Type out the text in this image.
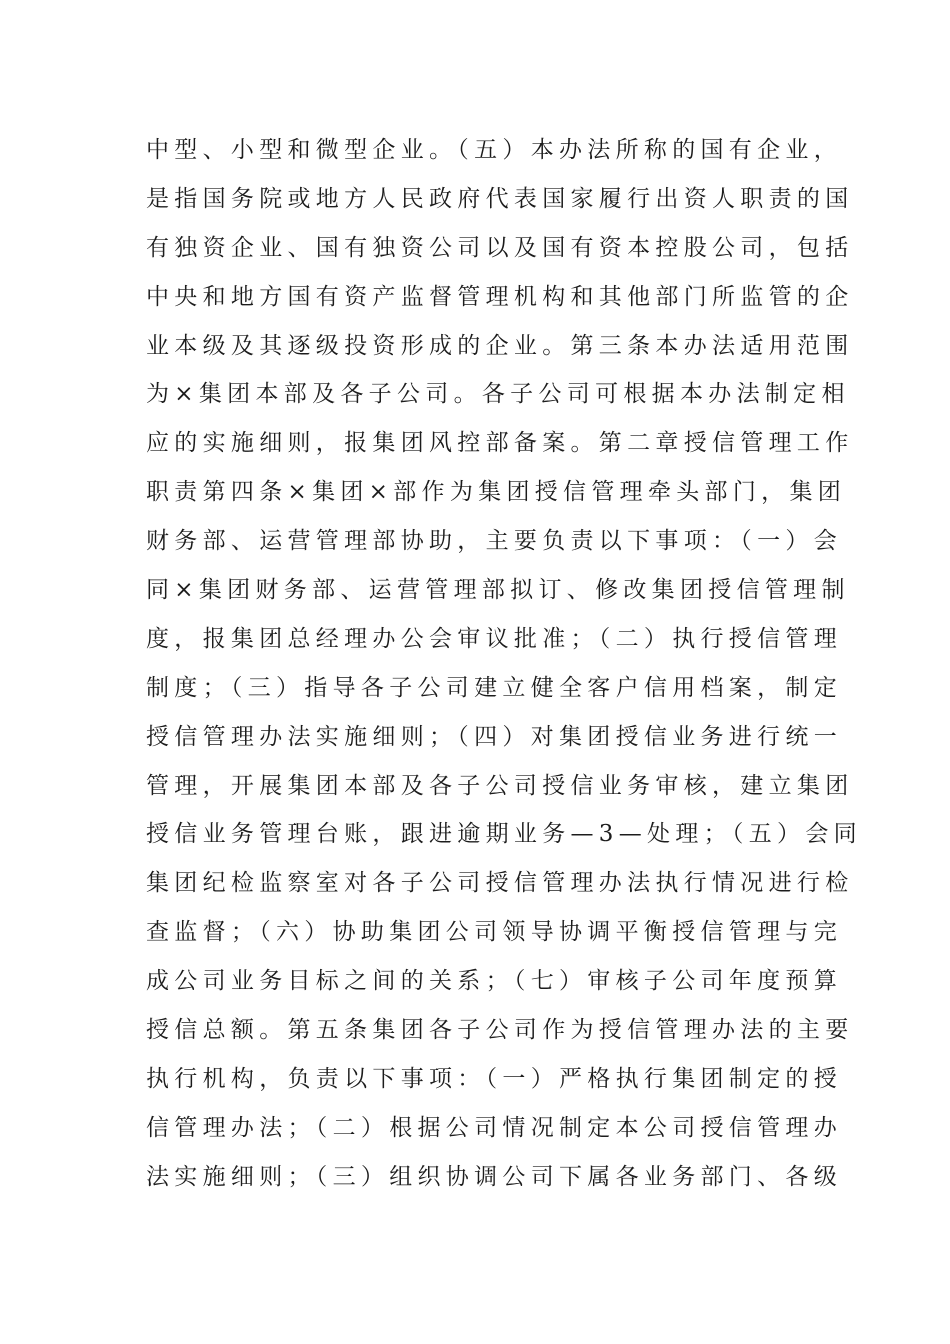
中型、小型和微型企业。（五）本办法所称的国有企业，
是指国务院或地方人民政府代表国家履行出资人职责的国
有独资企业、国有独资公司以及国有资本控股公司，包括
中央和地方国有资产监督管理机构和其他部门所监管的企
业本级及其逐级投资形成的企业。第三条本办法适用范围
为×集团本部及各子公司。各子公司可根据本办法制定相
应的实施细则，报集团风控部备案。第二章授信管理工作
职责第四条×集团×部作为集团授信管理牵头部门，集团
财务部、运营管理部协助，主要负责以下事项：（一）会
同×集团财务部、运营管理部拟订、修改集团授信管理制
度，报集团总经理办公会审议批准；（二）执行授信管理
制度；（三）指导各子公司建立健全客户信用档案，制定
授信管理办法实施细则；（四）对集团授信业务进行统一
管理，开展集团本部及各子公司授信业务审核，建立集团
授信业务管理台账，跟进逾期业务—3—处理；（五）会同
集团纪检监察室对各子公司授信管理办法执行情况进行检
查监督；（六）协助集团公司领导协调平衡授信管理与完
成公司业务目标之间的关系；（七）审核子公司年度预算
授信总额。第五条集团各子公司作为授信管理办法的主要
执行机构，负责以下事项：（一）严格执行集团制定的授
信管理办法；（二）根据公司情况制定本公司授信管理办
法实施细则；（三）组织协调公司下属各业务部门、各级
